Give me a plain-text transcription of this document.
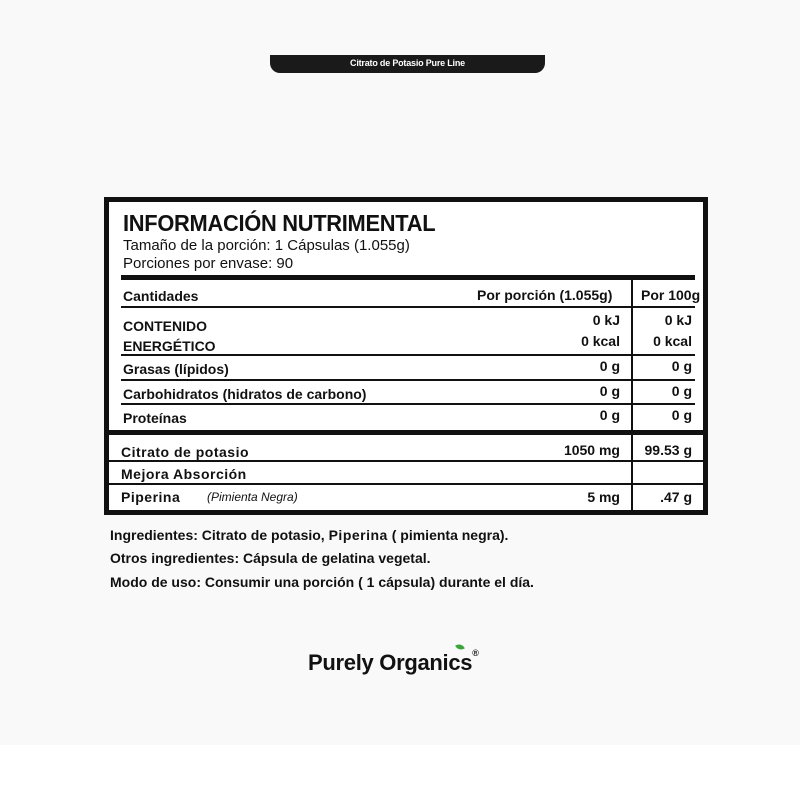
Citrato de Potasio Pure Line
INFORMACIÓN NUTRIMENTAL
Tamaño de la porción: 1 Cápsulas (1.055g)
Porciones por envase: 90
Cantidades	Por porción (1.055g) Por 100g
CONTENIDO
ENERGÉTICO
0 kJ	0 kJ
0 kcal 0 kcal
Grasas (lípidos)	0 g	0 g
Carbohidratos (hidratos de carbono)	0 g	0 g
Proteínas	0 g	0 g
Citrato de potasio	1050 mg 99.53 g
Mejora Absorción
Piperina (Pimienta Negra)	5 mg	.47 g
Ingredientes: Citrato de potasio, Piperina ( pimienta negra).
Otros ingredientes: Cápsula de gelatina vegetal.
Modo de uso: Consumir una porción ( 1 cápsula) durante el día.
Purely Organics®
